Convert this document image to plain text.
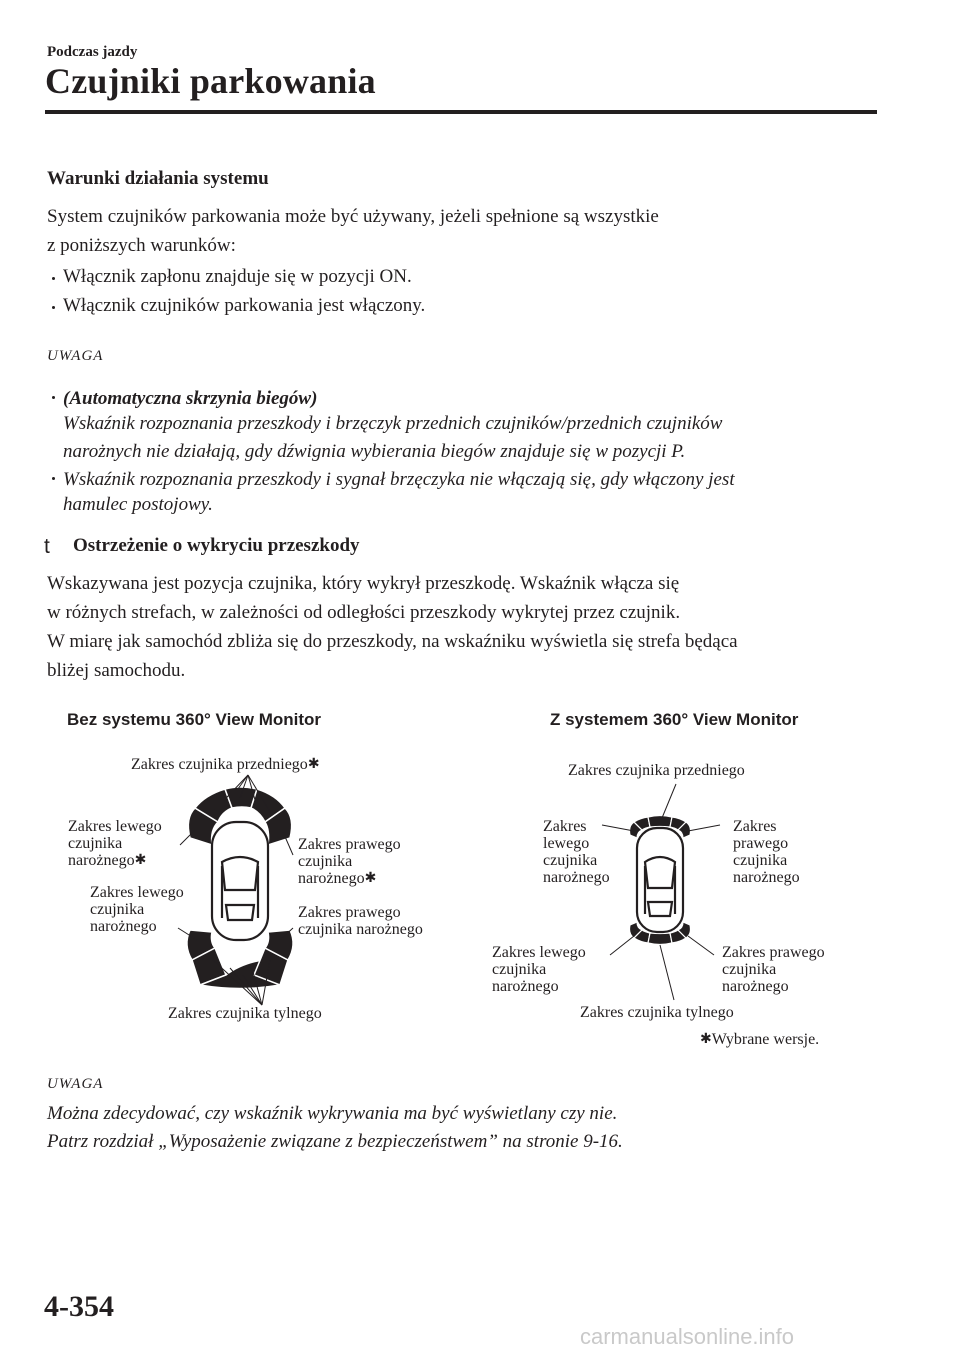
Podczas jazdy
Czujniki parkowania
Warunki działania systemu
System czujników parkowania może być używany, jeżeli spełnione są wszystkie
z poniższych warunków:
Włącznik zapłonu znajduje się w pozycji ON.
Włącznik czujników parkowania jest włączony.
UWAGA
(Automatyczna skrzynia biegów)
Wskaźnik rozpoznania przeszkody i brzęczyk przednich czujników/przednich czujników
narożnych nie działają, gdy dźwignia wybierania biegów znajduje się w pozycji P.
Wskaźnik rozpoznania przeszkody i sygnał brzęczyka nie włączają się, gdy włączony jest
hamulec postojowy.
t Ostrzeżenie o wykryciu przeszkody
Wskazywana jest pozycja czujnika, który wykrył przeszkodę. Wskaźnik włącza się
w różnych strefach, w zależności od odległości przeszkody wykrytej przez czujnik.
W miarę jak samochód zbliża się do przeszkody, na wskaźniku wyświetla się strefa będąca
bliżej samochodu.
Bez systemu 360° View Monitor	Z systemem 360° View Monitor
Zakres czujnika przedniego✱
Zakres lewego
czujnika
narożnego✱
Zakres prawego
czujnika
narożnego✱
Zakres lewego
czujnika
narożnego
Zakres prawego
czujnika narożnego
Zakres czujnika tylnego
Zakres czujnika przedniego
Zakres
lewego
czujnika
narożnego
Zakres
prawego
czujnika
narożnego
Zakres lewego
czujnika
narożnego
Zakres prawego
czujnika
narożnego
Zakres czujnika tylnego
✱Wybrane wersje.
UWAGA
Można zdecydować, czy wskaźnik wykrywania ma być wyświetlany czy nie.
Patrz rozdział „Wyposażenie związane z bezpieczeństwem” na stronie 9-16.
4-354
carmanualsonline.info
